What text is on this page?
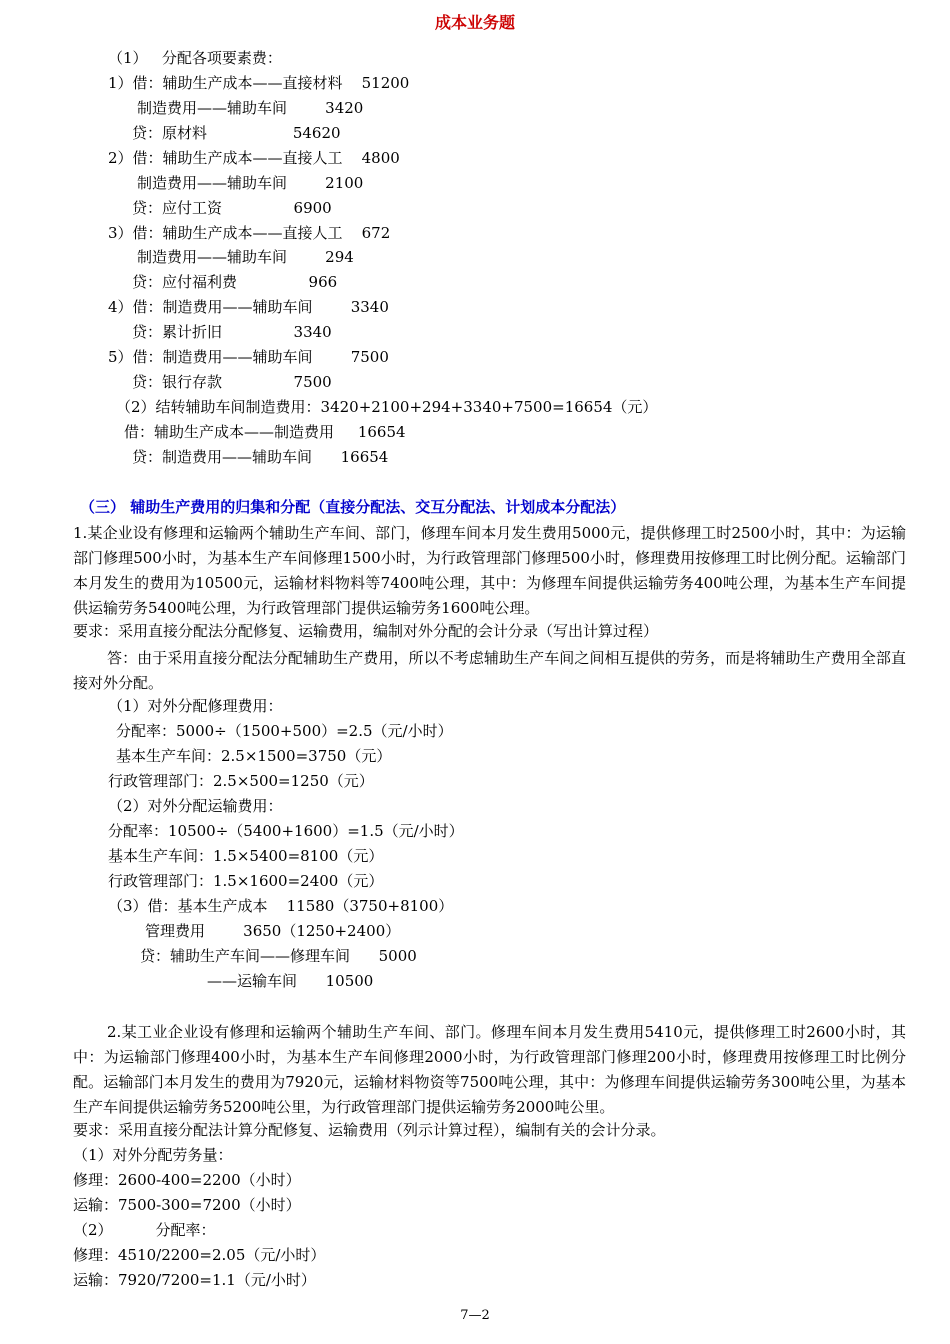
成本业务题
（1）   分配各项要素费：
1）借：辅助生产成本——直接材料    51200
制造费用——辅助车间        3420
贷：原材料                  54620
2）借：辅助生产成本——直接人工    4800
制造费用——辅助车间        2100
贷：应付工资               6900
3）借：辅助生产成本——直接人工    672
制造费用——辅助车间        294
贷：应付福利费               966
4）借：制造费用——辅助车间        3340
贷：累计折旧               3340
5）借：制造费用——辅助车间        7500
贷：银行存款               7500
（2）结转辅助车间制造费用：3420+2100+294+3340+7500=16654（元）
借：辅助生产成本——制造费用     16654
贷：制造费用——辅助车间      16654
（三） 辅助生产费用的归集和分配（直接分配法、交互分配法、计划成本分配法）
1.某企业设有修理和运输两个辅助生产车间、部门，修理车间本月发生费用5000元，提供修理工时2500小时，其中：为运输部门修理500小时，为基本生产车间修理1500小时，为行政管理部门修理500小时，修理费用按修理工时比例分配。运输部门本月发生的费用为10500元，运输材料物料等7400吨公理，其中：为修理车间提供运输劳务400吨公理，为基本生产车间提供运输劳务5400吨公理，为行政管理部门提供运输劳务1600吨公理。
要求：采用直接分配法分配修复、运输费用，编制对外分配的会计分录（写出计算过程）
答：由于采用直接分配法分配辅助生产费用，所以不考虑辅助生产车间之间相互提供的劳务，而是将辅助生产费用全部直接对外分配。
（1）对外分配修理费用：
分配率：5000÷（1500+500）=2.5（元/小时）
基本生产车间：2.5×1500=3750（元）
行政管理部门：2.5×500=1250（元）
（2）对外分配运输费用：
分配率：10500÷（5400+1600）=1.5（元/小时）
基本生产车间：1.5×5400=8100（元）
行政管理部门：1.5×1600=2400（元）
（3）借：基本生产成本    11580（3750+8100）
管理费用        3650（1250+2400）
贷：辅助生产车间——修理车间      5000
——运输车间      10500
2.某工业企业设有修理和运输两个辅助生产车间、部门。修理车间本月发生费用5410元，提供修理工时2600小时，其中：为运输部门修理400小时，为基本生产车间修理2000小时，为行政管理部门修理200小时，修理费用按修理工时比例分配。运输部门本月发生的费用为7920元，运输材料物资等7500吨公理，其中：为修理车间提供运输劳务300吨公里，为基本生产车间提供运输劳务5200吨公里，为行政管理部门提供运输劳务2000吨公里。
要求：采用直接分配法计算分配修复、运输费用（列示计算过程），编制有关的会计分录。
（1）对外分配劳务量：
修理：2600-400=2200（小时）
运输：7500-300=7200（小时）
（2）         分配率：
修理：4510/2200=2.05（元/小时）
运输：7920/7200=1.1（元/小时）
7—2
